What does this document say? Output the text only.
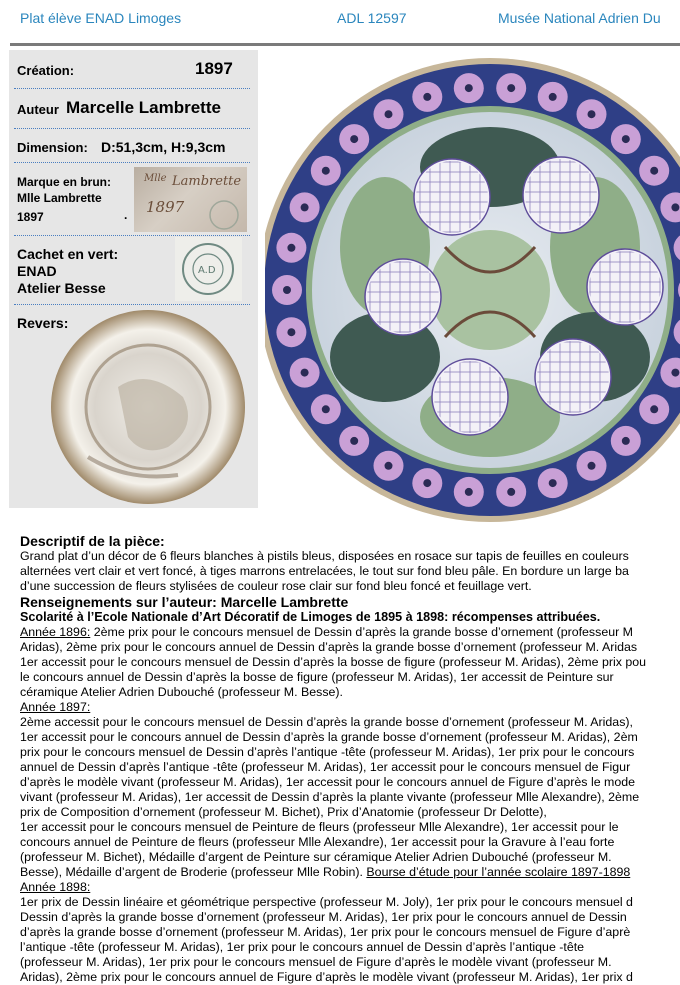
Plat élève ENAD Limoges	ADL 12597	Musée National Adrien Du
Création:	1897
Auteur Marcelle Lambrette
Dimension: D:51,3cm, H:9,3cm
Marque en brun:
Mlle Lambrette
1897	.
Lambrette
Mlle
1897
Cachet en vert:
ENAD
Atelier Besse
A.D
Revers:

Descriptif de la pièce:

Grand plat d’un décor de 6 fleurs blanches à pistils bleus, disposées en rosace sur tapis de feuilles en couleurs

alternées vert clair et vert foncé, à tiges marrons entrelacées, le tout sur fond bleu pâle. En bordure un large ba

d’une succession de fleurs stylisées de couleur rose clair sur fond bleu foncé et feuillage vert.

Renseignements sur l’auteur: Marcelle Lambrette

Scolarité à l’Ecole Nationale d’Art Décoratif de Limoges de 1895 à 1898: récompenses attribuées.

Année 1896: 2ème prix pour le concours mensuel de Dessin d’après la grande bosse d’ornement (professeur M

Aridas), 2ème prix pour le concours annuel de Dessin d’après la grande bosse d’ornement (professeur M. Aridas

1er accessit pour le concours mensuel de Dessin d’après la bosse de figure (professeur M. Aridas), 2ème prix pou

le concours annuel de Dessin d’après la bosse de figure (professeur M. Aridas), 1er accessit de Peinture sur

céramique Atelier Adrien Dubouché (professeur M. Besse).

Année 1897:

2ème accessit pour le concours mensuel de Dessin d’après la grande bosse d’ornement (professeur M. Aridas),

1er accessit pour le concours annuel de Dessin d’après la grande bosse d’ornement (professeur M. Aridas), 2èm

prix pour le concours mensuel de Dessin d’après l’antique -tête (professeur M. Aridas), 1er prix pour le concours

annuel de Dessin d’après l’antique -tête (professeur M. Aridas), 1er accessit pour le concours mensuel de Figur

d’après le modèle vivant (professeur M. Aridas), 1er accessit pour le concours annuel de Figure d’après le mode

vivant (professeur M. Aridas), 1er accessit de Dessin d’après la plante vivante (professeur Mlle Alexandre), 2ème

prix de Composition d’ornement (professeur M. Bichet), Prix d’Anatomie (professeur Dr Delotte),

1er accessit pour le concours mensuel de Peinture de fleurs (professeur Mlle Alexandre), 1er accessit pour le

concours annuel de Peinture de fleurs (professeur Mlle Alexandre), 1er accessit pour la Gravure à l’eau forte

(professeur M. Bichet), Médaille d’argent de Peinture sur céramique Atelier Adrien Dubouché (professeur M.

Besse), Médaille d’argent de Broderie (professeur Mlle Robin). Bourse d’étude pour l’année scolaire 1897-1898

Année 1898:

1er prix de Dessin linéaire et géométrique perspective (professeur M. Joly), 1er prix pour le concours mensuel d

Dessin d’après la grande bosse d’ornement (professeur M. Aridas), 1er prix pour le concours annuel de Dessin

d’après la grande bosse d’ornement (professeur M. Aridas), 1er prix pour le concours mensuel de Figure d’aprè

l’antique -tête (professeur M. Aridas), 1er prix pour le concours annuel de Dessin d’après l’antique -tête

(professeur M. Aridas), 1er prix pour le concours mensuel de Figure d’après le modèle vivant (professeur M.

Aridas), 2ème prix pour le concours annuel de Figure d’après le modèle vivant (professeur M. Aridas), 1er prix d
